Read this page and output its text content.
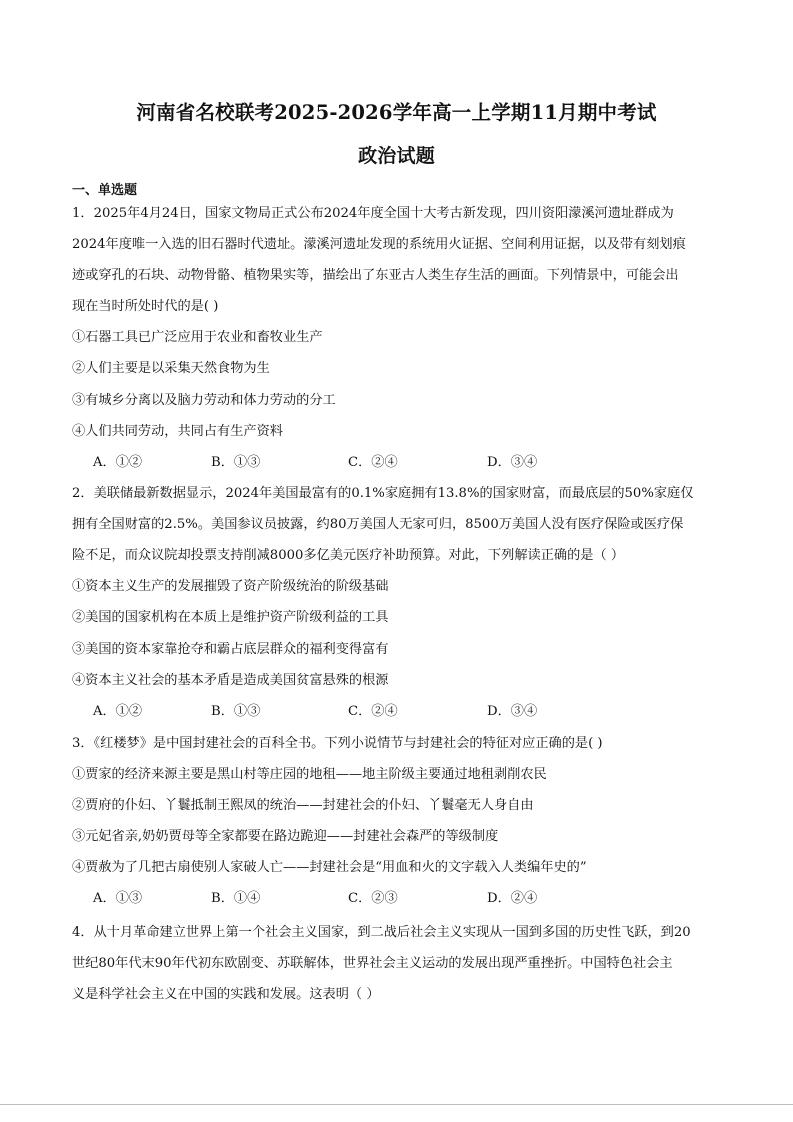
河南省名校联考2025-2026学年高一上学期11月期中考试
政治试题
一、单选题
1．2025年4月24日，国家文物局正式公布2024年度全国十大考古新发现，四川资阳濛溪河遗址群成为
2024年度唯一入选的旧石器时代遗址。濛溪河遗址发现的系统用火证据、空间利用证据，以及带有刻划痕
迹或穿孔的石块、动物骨骼、植物果实等，描绘出了东亚古人类生存生活的画面。下列情景中，可能会出
现在当时所处时代的是( )
①石器工具已广泛应用于农业和畜牧业生产
②人们主要是以采集天然食物为生
③有城乡分离以及脑力劳动和体力劳动的分工
④人们共同劳动，共同占有生产资料
A．①②	B．①③	C．②④	D．③④
2．美联储最新数据显示，2024年美国最富有的0.1%家庭拥有13.8%的国家财富，而最底层的50%家庭仅
拥有全国财富的2.5%。美国参议员披露，约80万美国人无家可归，8500万美国人没有医疗保险或医疗保
险不足，而众议院却投票支持削减8000多亿美元医疗补助预算。对此，下列解读正确的是（ ）
①资本主义生产的发展摧毁了资产阶级统治的阶级基础
②美国的国家机构在本质上是维护资产阶级利益的工具
③美国的资本家靠抢夺和霸占底层群众的福利变得富有
④资本主义社会的基本矛盾是造成美国贫富悬殊的根源
A．①②	B．①③	C．②④	D．③④
3．《红楼梦》是中国封建社会的百科全书。下列小说情节与封建社会的特征对应正确的是( )
①贾家的经济来源主要是黑山村等庄园的地租——地主阶级主要通过地租剥削农民
②贾府的仆妇、丫鬟抵制王熙凤的统治——封建社会的仆妇、丫鬟毫无人身自由
③元妃省亲,奶奶贾母等全家都要在路边跪迎——封建社会森严的等级制度
④贾赦为了几把古扇使别人家破人亡——封建社会是“用血和火的文字载入人类编年史的”
A．①③	B．①④	C．②③	D．②④
4．从十月革命建立世界上第一个社会主义国家，到二战后社会主义实现从一国到多国的历史性飞跃，到20
世纪80年代末90年代初东欧剧变、苏联解体，世界社会主义运动的发展出现严重挫折。中国特色社会主
义是科学社会主义在中国的实践和发展。这表明（ ）
